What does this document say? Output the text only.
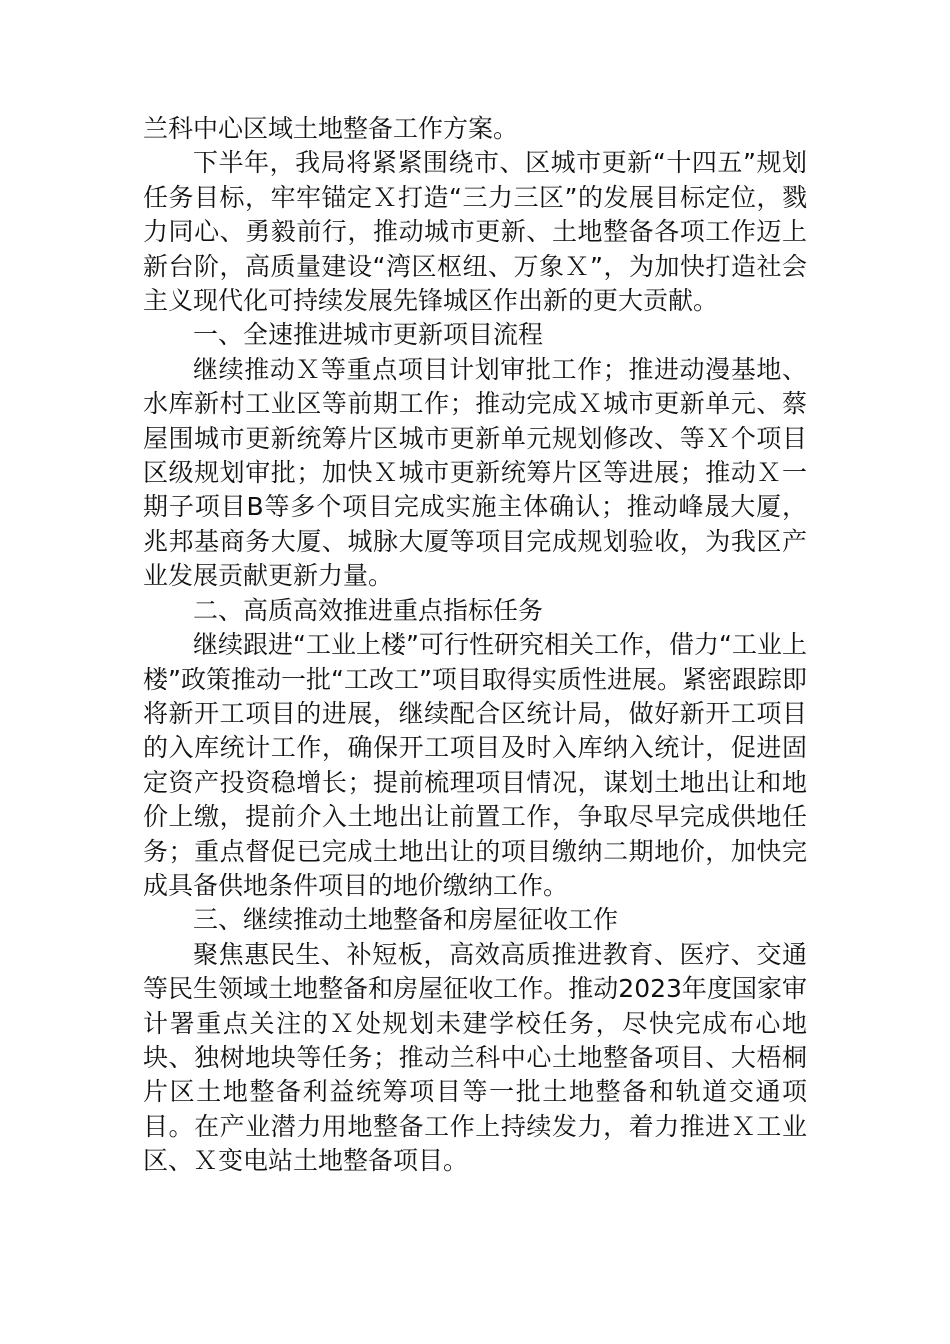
兰科中心区域土地整备工作方案。

下半年，我局将紧紧围绕市、区城市更新“十四五”规划任务目标，牢牢锚定Ｘ打造“三力三区”的发展目标定位，戮力同心、勇毅前行，推动城市更新、土地整备各项工作迈上新台阶，高质量建设“湾区枢纽、万象Ｘ”，为加快打造社会主义现代化可持续发展先锋城区作出新的更大贡献。

一、全速推进城市更新项目流程

继续推动Ｘ等重点项目计划审批工作；推进动漫基地、水库新村工业区等前期工作；推动完成Ｘ城市更新单元、蔡屋围城市更新统筹片区城市更新单元规划修改、等Ｘ个项目区级规划审批；加快Ｘ城市更新统筹片区等进展；推动Ｘ一期子项目B等多个项目完成实施主体确认；推动峰晟大厦，兆邦基商务大厦、城脉大厦等项目完成规划验收，为我区产业发展贡献更新力量。

二、高质高效推进重点指标任务

继续跟进“工业上楼”可行性研究相关工作，借力“工业上楼”政策推动一批“工改工”项目取得实质性进展。紧密跟踪即将新开工项目的进展，继续配合区统计局，做好新开工项目的入库统计工作，确保开工项目及时入库纳入统计，促进固定资产投资稳增长；提前梳理项目情况，谋划土地出让和地价上缴，提前介入土地出让前置工作，争取尽早完成供地任务；重点督促已完成土地出让的项目缴纳二期地价，加快完成具备供地条件项目的地价缴纳工作。

三、继续推动土地整备和房屋征收工作

聚焦惠民生、补短板，高效高质推进教育、医疗、交通等民生领域土地整备和房屋征收工作。推动2023年度国家审计署重点关注的Ｘ处规划未建学校任务，尽快完成布心地块、独树地块等任务；推动兰科中心土地整备项目、大梧桐片区土地整备利益统筹项目等一批土地整备和轨道交通项目。在产业潜力用地整备工作上持续发力，着力推进Ｘ工业区、Ｘ变电站土地整备项目。
